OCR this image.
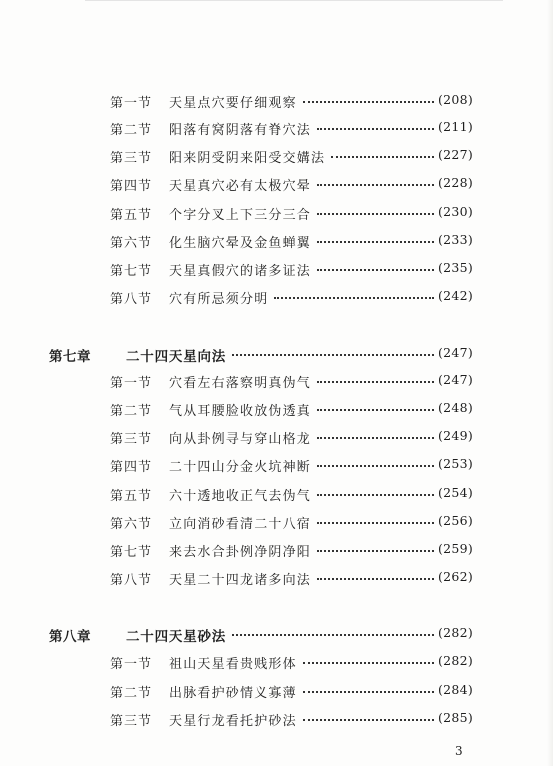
第一节 天星点穴要仔细观察	(208)
第二节 阳落有窝阴落有脊穴法	(211)
第三节 阳来阴受阴来阳受交媾法	(227)
第四节 天星真穴必有太极穴晕	(228)
第五节 个字分叉上下三分三合	(230)
第六节 化生脑穴晕及金鱼蝉翼	(233)
第七节 天星真假穴的诸多证法	(235)
第八节 穴有所忌须分明	(242)
第七章	二十四天星向法	(247)
第一节 穴看左右落察明真伪气	(247)
第二节 气从耳腰脸收放伪透真	(248)
第三节 向从卦例寻与穿山格龙	(249)
第四节 二十四山分金火坑神断	(253)
第五节 六十透地收正气去伪气	(254)
第六节 立向消砂看清二十八宿	(256)
第七节 来去水合卦例净阴净阳	(259)
第八节 天星二十四龙诸多向法	(262)
第八章	二十四天星砂法	(282)
第一节 祖山天星看贵贱形体	(282)
第二节 出脉看护砂情义寡薄	(284)
第三节 天星行龙看托护砂法	(285)
3
